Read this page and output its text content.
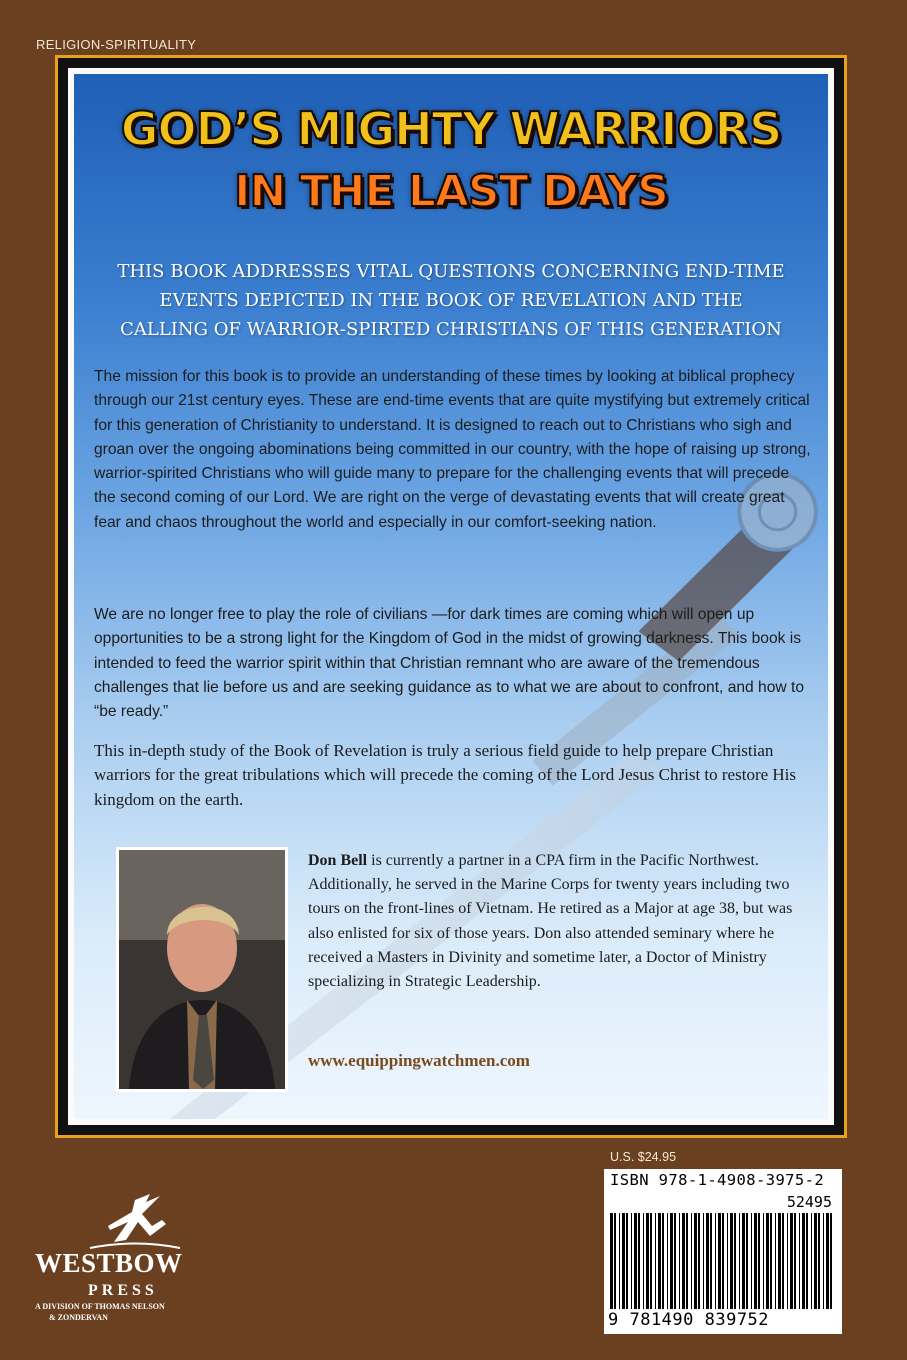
RELIGION-SPIRITUALITY
GOD’S MIGHTY WARRIORS
IN THE LAST DAYS
THIS BOOK ADDRESSES VITAL QUESTIONS CONCERNING END-TIME EVENTS DEPICTED IN THE BOOK OF REVELATION AND THE CALLING OF WARRIOR-SPIRTED CHRISTIANS OF THIS GENERATION

The mission for this book is to provide an understanding of these times by looking at biblical prophecy through our 21st century eyes. These are end-time events that are quite mystifying but extremely critical for this generation of Christianity to understand. It is designed to reach out to Christians who sigh and groan over the ongoing abominations being committed in our country, with the hope of raising up strong, warrior-spirited Christians who will guide many to prepare for the challenging events that will precede the second coming of our Lord. We are right on the verge of devastating events that will create great fear and chaos throughout the world and especially in our comfort-seeking nation.

We are no longer free to play the role of civilians —for dark times are coming which will open up opportunities to be a strong light for the Kingdom of God in the midst of growing darkness. This book is intended to feed the warrior spirit within that Christian remnant who are aware of the tremendous challenges that lie before us and are seeking guidance as to what we are about to confront, and how to “be ready.”

This in-depth study of the Book of Revelation is truly a serious field guide to help prepare Christian warriors for the great tribulations which will precede the coming of the Lord Jesus Christ to restore His kingdom on the earth.

Don Bell is currently a partner in a CPA firm in the Pacific Northwest. Additionally, he served in the Marine Corps for twenty years including two tours on the front-lines of Vietnam. He retired as a Major at age 38, but was also enlisted for six of those years. Don also attended seminary where he received a Masters in Divinity and sometime later, a Doctor of Ministry specializing in Strategic Leadership.
www.equippingwatchmen.com
U.S. $24.95
ISBN 978-1-4908-3975-2
52495
9 781490 839752
WESTBOW
PRESS
A DIVISION OF THOMAS NELSON
& ZONDERVAN
